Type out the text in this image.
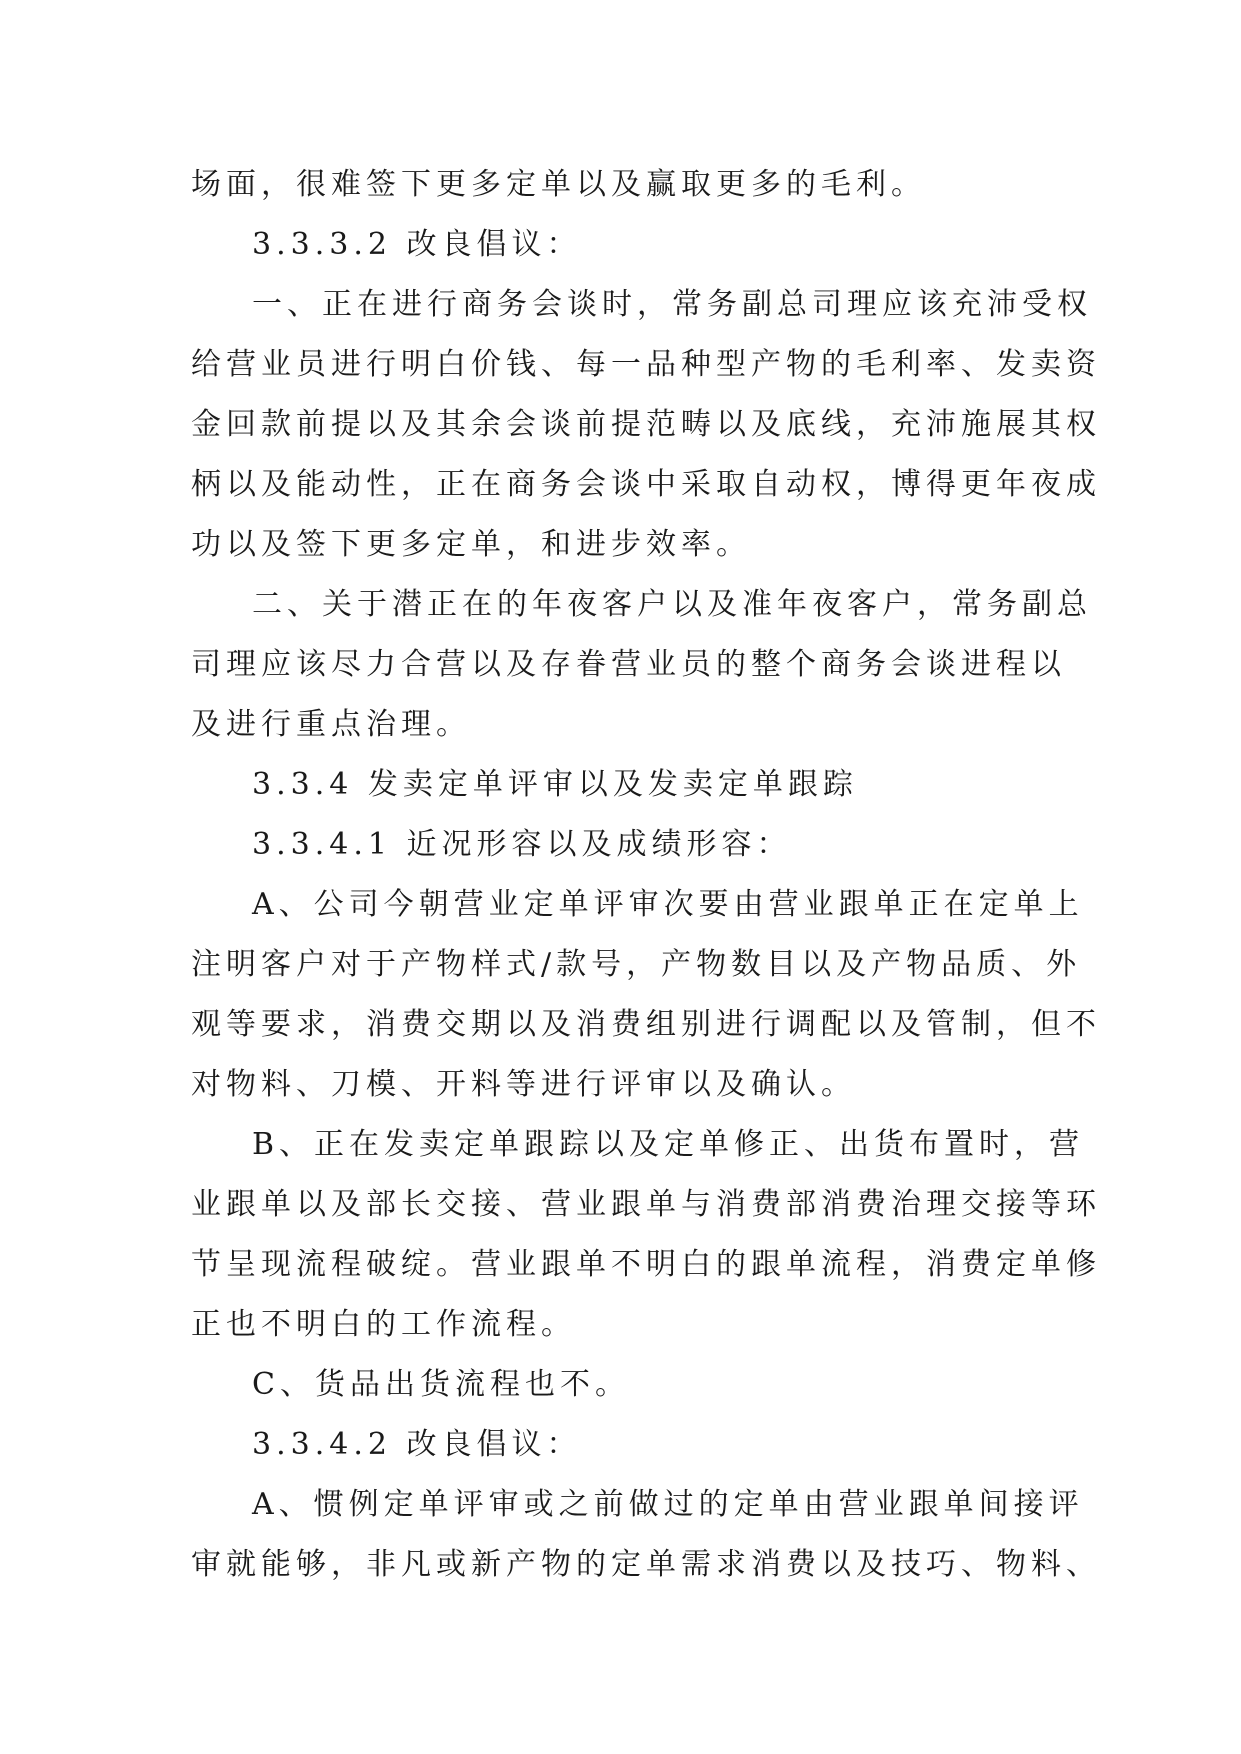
场面，很难签下更多定单以及赢取更多的毛利。
3.3.3.2 改良倡议：
一、正在进行商务会谈时，常务副总司理应该充沛受权
给营业员进行明白价钱、每一品种型产物的毛利率、发卖资
金回款前提以及其余会谈前提范畴以及底线，充沛施展其权
柄以及能动性，正在商务会谈中采取自动权，博得更年夜成
功以及签下更多定单，和进步效率。
二、关于潜正在的年夜客户以及准年夜客户，常务副总
司理应该尽力合营以及存眷营业员的整个商务会谈进程以
及进行重点治理。
3.3.4 发卖定单评审以及发卖定单跟踪
3.3.4.1 近况形容以及成绩形容：
A、公司今朝营业定单评审次要由营业跟单正在定单上
注明客户对于产物样式/款号，产物数目以及产物品质、外
观等要求，消费交期以及消费组别进行调配以及管制，但不
对物料、刀模、开料等进行评审以及确认。
B、正在发卖定单跟踪以及定单修正、出货布置时，营
业跟单以及部长交接、营业跟单与消费部消费治理交接等环
节呈现流程破绽。营业跟单不明白的跟单流程，消费定单修
正也不明白的工作流程。
C、货品出货流程也不。
3.3.4.2 改良倡议：
A、惯例定单评审或之前做过的定单由营业跟单间接评
审就能够，非凡或新产物的定单需求消费以及技巧、物料、
